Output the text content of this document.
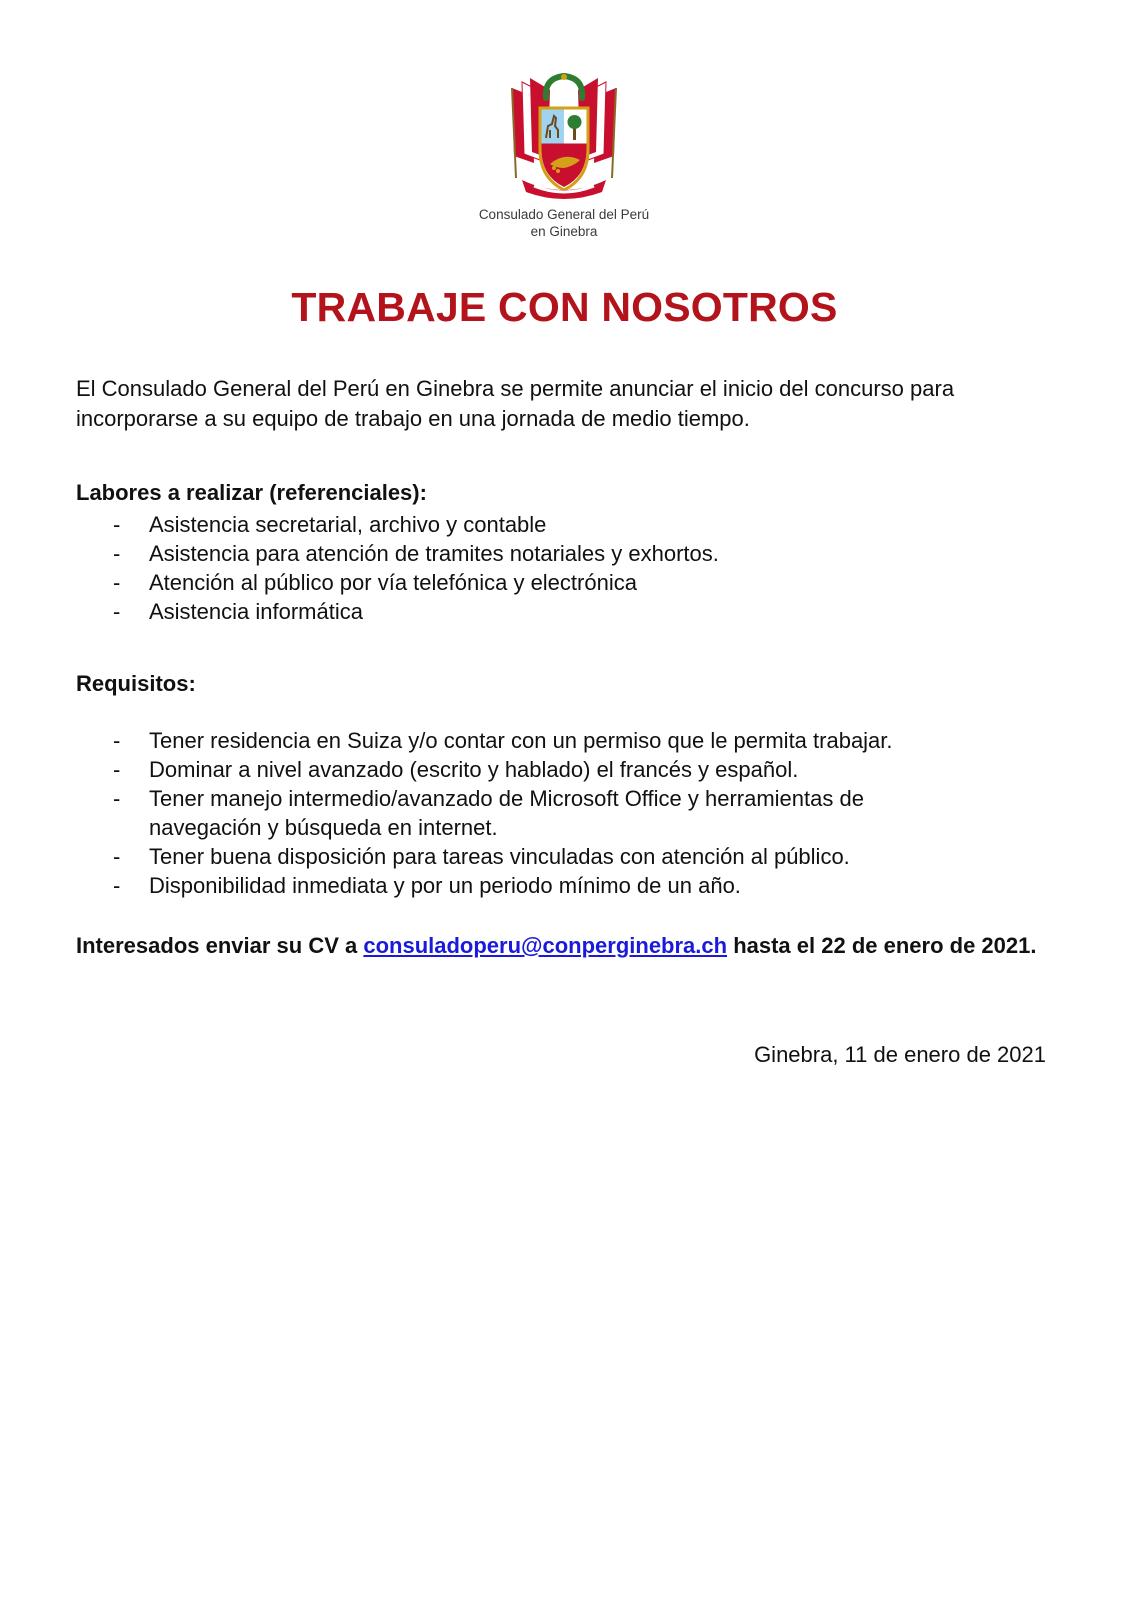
Consulado General del Perú
en Ginebra
TRABAJE CON NOSOTROS
El Consulado General del Perú en Ginebra se permite anunciar el inicio del concurso para incorporarse a su equipo de trabajo en una jornada de medio tiempo.
Labores a realizar (referenciales):
- Asistencia secretarial, archivo y contable
- Asistencia para atención de tramites notariales y exhortos.
- Atención al público por vía telefónica y electrónica
- Asistencia informática
Requisitos:
- Tener residencia en Suiza y/o contar con un permiso que le permita trabajar.
- Dominar a nivel avanzado (escrito y hablado) el francés y español.
- Tener manejo intermedio/avanzado de Microsoft Office y herramientas de navegación y búsqueda en internet.
- Tener buena disposición para tareas vinculadas con atención al público.
- Disponibilidad inmediata y por un periodo mínimo de un año.
Interesados enviar su CV a consuladoperu@conperginebra.ch hasta el 22 de enero de 2021.
Ginebra, 11 de enero de 2021
